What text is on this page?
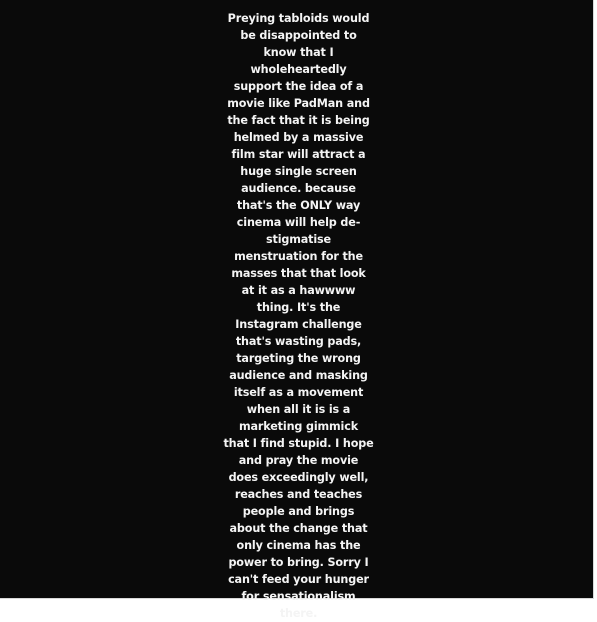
Preying tabloids would
be disappointed to
know that I
wholeheartedly
support the idea of a
movie like PadMan and
the fact that it is being
helmed by a massive
film star will attract a
huge single screen
audience. because
that's the ONLY way
cinema will help de-
stigmatise
menstruation for the
masses that that look
at it as a hawwww
thing. It's the
Instagram challenge
that's wasting pads,
targeting the wrong
audience and masking
itself as a movement
when all it is is a
marketing gimmick
that I find stupid. I hope
and pray the movie
does exceedingly well,
reaches and teaches
people and brings
about the change that
only cinema has the
power to bring. Sorry I
can't feed your hunger
for sensationalism
there.
